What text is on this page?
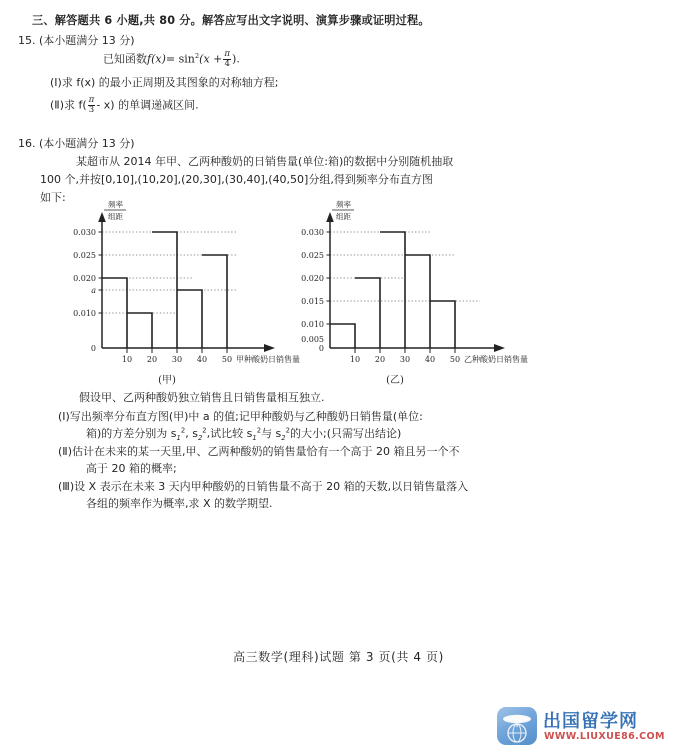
三、解答题共 6 小题,共 80 分。解答应写出文字说明、演算步骤或证明过程。
15. (本小题满分 13 分)
已知函数$f(x)= \sin^2(x + \frac{\pi}{4}$ ).
(Ⅰ)求 f(x) 的最小正周期及其图象的对称轴方程;
(Ⅱ)求 $f( \frac{\pi}{3} - x)$ 的单调递减区间.
16. (本小题满分 13 分)
某超市从 2014 年甲、乙两种酸奶的日销售量(单位:箱)的数据中分别随机抽取
100 个,并按[0,10],(10,20],(20,30],(30,40],(40,50]分组,得到频率分布直方图
如下:
频率
组距
0.030
0.025
0.020
a
0.010
0
10 20 30 40 50 甲种酸奶日销售量
(甲)
频率
组距
0.030
0.025
0.020
0.015
0.010
0.005
0
10 20 30 40 50 乙种酸奶日销售量
(乙)
假设甲、乙两种酸奶独立销售且日销售量相互独立.
(Ⅰ)写出频率分布直方图(甲)中 a 的值;记甲种酸奶与乙种酸奶日销售量(单位:
箱)的方差分别为 $s_1^2$, $s_2^2$,试比较 $s_1^2$与 $s_2^2$的大小;(只需写出结论)
(Ⅱ)估计在未来的某一天里,甲、乙两种酸奶的销售量恰有一个高于 20 箱且另一个不
高于 20 箱的概率;
(Ⅲ)设 X 表示在未来 3 天内甲种酸奶的日销售量不高于 20 箱的天数,以日销售量落入
各组的频率作为概率,求 X 的数学期望.
高三数学(理科)试题 第 3 页(共 4 页)
出国留学网
WWW.LIUXUE86.COM
